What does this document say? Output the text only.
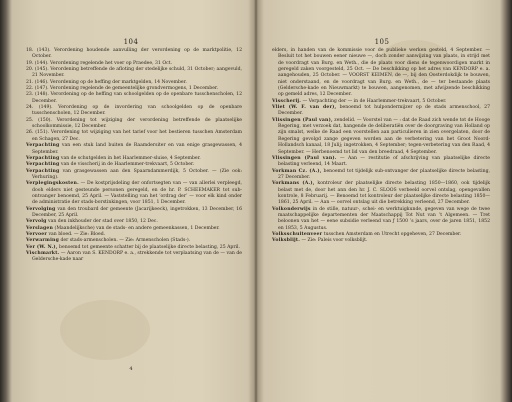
104

18. (143). Verordening houdende aanvulling der verordening op de marktpolitie, 12 October.

19. (144). Verordening regelende het voer op Praedee, 31 Oct.

20. (145). Verordening betreffende de afloting der stedelijke schuld, 31 October; aangevuld, 21 November.

21. (146). Verordening op de heffing der marktgelden, 14 November.

22. (147). Verordening regelende de gemeentelijke grondvermogens, 1 December.

23. (148). Verordening op de heffing van schoolgelden op de openbare tusschenscholen, 12 December.

24. (149). Verordening op de invordering van schoolgelden op de openbare tusschenscholen, 12 December.

25. (150). Verordening tot wijziging der verordening betreffende de plaatselijke schoolkommissie, 12 December.

26. (151). Verordening tot wijziging van het tarief voor het bestieren tusschen Amsterdam en Schagen, 27 Dec.

Verpachting van een stuk land buiten de Raamdersiter en van enige grasgewassen, 4 September.

Verpachting van de schutgelden in het Haarlemmer-sluise, 4 September.

Verpachting van de visscherij in de Haarlemmer-trekvaart, 5 October.

Verpachting van grasgewassen aan den Spaarndammerdijk, 5 October. — (Zie ook: Verhuring).

Verplegingskosten. — De kostprijsdeling der onfortsegten van — van allerlei verpleegd, dooh elders niet gesteunde personen geregeld, en de hr. P. SCHEEMAKER tot sub-ontvanger benoemd, 25 April. — Vaststelling van het ‘ordrag der’ — voor elk kind onder de administratie der stads-borstinkingen, voor 1851, 1 December.

Vervolging van den troubard der gemeente (Jacarijkeeck), ingetrokken, 13 December, 16 December, 25 April.

Vervolg van den inkhouder der stad over 1850, 12 Dec.

Verslagen (Maandelijksche) van de stads- en andere gemeenkassen, 1 December.

Vervoer van bloed. — Zie: Bloed.

Verwarming der stads-armenscholen. — Zie: Armenscholen (Stads-).

Ver (W. N.), benoemd tot gemeente schatter bij de plaatselijke directe belasting, 25 April.

Vischmarkt. — Aaron van S. KENDORP e. a., strekkende tot verplaatsing van de — van de Geldersche-kade naar

4
105

elders, in handen van de kommissie voor de publieke werken gesteld, 4 September. — Besluit tot het bouwen eener nieuwe —, doch zonder aanwijzing van plaats, in strijd met de voordragt van Burg. en Weth., die de plaats voor diens de tegenwoordigen markt in geregeld zaken voorgesteld, 25 Oct. — De beschikking op het adres van KENDORP e. a. aangehouden, 25 October. — VOORST KEIMEN, de —, bij den Oosterdokdijk te bouwen, niet onderstaand, en de voordragt van Burg. en Weth., de — ter bestaande plaats (Geldersche-kade en Nieuwmarkt) te bouwen, aangenomen, met afwijzende beschikking op gemeld adres, 12 December.

Visscherij. — Verpachting der — in de Haarlemmer-trekvaart, 5 October.

Vliet (W. F. van der), benoemd tot hulpondermijzer op de stads armenschool, 27 December.

Vlissingen (Paul van), zendelid. — Voorstel van — : dat de Raad zich wende tot de Hooge Regering, met verzoek dat, hangende de deliberatiën over de doorgraving van Holland op zijn smalst, welke de Raad een voorstellen aan particulieren in zien overgelaten, door de Regering gevolgd zange gegeven worden aan de verbetering van het Groot Noord-Hollandsch kanaal, 18 Julij; ingetrokken, 4 September; tegen-verbetering van den Raad, 4 September. — Herbenoemd tot lid van den breedraad, 4 September.

Vlissingen (Paul van). — Aan — restitutie of afschrijving van plaatselijke directe belasting verleend, 14 Maart.

Vorkman Cz. (A.), benoemd tot tijdelijk sub-ontvanger der plaatselijke directe belasting, 27 December.

Vorkmans (A.), kontroleur der plaatselijke directe belasting 1850—1860, ook tijdelijk belast met de, door het ann den hr. J. C. SLOOS verbeeld oorvel ontslag, opengevallen kontrole, 8 Februarij. — Benoemd tot kontroleur der plaatselijke directe belasting 1850—1861, 25 April. — Aan — oorvel ontslag uit die betrekking verleend, 27 December.

Volkonderwijs in de stille, natuur-, schei- en werktuigkunde, gegeven van wege de twee maatschappelijke departementen der Maatschappij Tot Nut van ’t Algemeen. — Tret beloonen van het — eene subsidie verleend van ƒ 1500 ’s jaars, over de jaren 1851, 1852 en 1853, 5 Augustus.

Volksschuitenveer tusschen Amsterdam en Utrecht opgeheven, 27 December.

Volksblijt. — Zie: Paleis voor volksblijt.
